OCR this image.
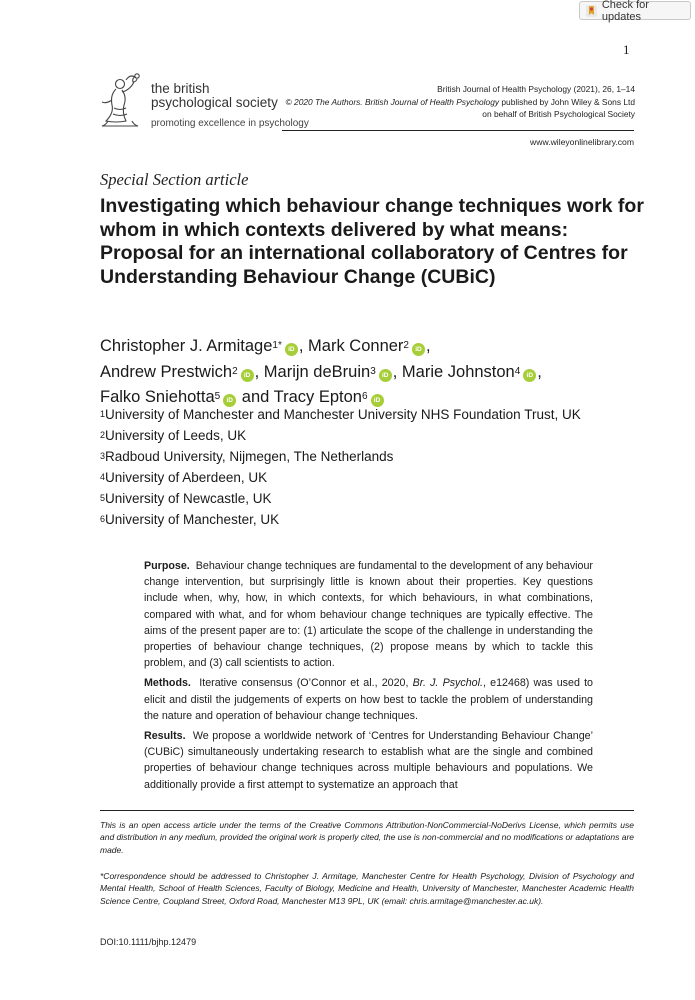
Check for updates
1
the british
psychological society
promoting excellence in psychology
British Journal of Health Psychology (2021), 26, 1–14
© 2020 The Authors. British Journal of Health Psychology published by John Wiley & Sons Ltd
on behalf of British Psychological Society
www.wileyonlinelibrary.com
Special Section article
Investigating which behaviour change techniques work for whom in which contexts delivered by what means: Proposal for an international collaboratory of Centres for Understanding Behaviour Change (CUBiC)
Christopher J. Armitage$^{1*}$ iD , Mark Conner$^2$ iD ,
Andrew Prestwich$^2$ iD , Marijn deBruin$^3$ iD , Marie Johnston$^4$ iD ,
Falko Sniehotta$^5$ iD and Tracy Epton$^6$ iD
$^1$University of Manchester and Manchester University NHS Foundation Trust, UK
$^2$University of Leeds, UK
$^3$Radboud University, Nijmegen, The Netherlands
$^4$University of Aberdeen, UK
$^5$University of Newcastle, UK
$^6$University of Manchester, UK

Purpose. Behaviour change techniques are fundamental to the development of any behaviour change intervention, but surprisingly little is known about their properties. Key questions include when, why, how, in which contexts, for which behaviours, in what combinations, compared with what, and for whom behaviour change techniques are typically effective. The aims of the present paper are to: (1) articulate the scope of the challenge in understanding the properties of behaviour change techniques, (2) propose means by which to tackle this problem, and (3) call scientists to action.

Methods. Iterative consensus (O’Connor et al., 2020, Br. J. Psychol., e12468) was used to elicit and distil the judgements of experts on how best to tackle the problem of understanding the nature and operation of behaviour change techniques.

Results. We propose a worldwide network of ‘Centres for Understanding Behaviour Change’ (CUBiC) simultaneously undertaking research to establish what are the single and combined properties of behaviour change techniques across multiple behaviours and populations. We additionally provide a first attempt to systematize an approach that

This is an open access article under the terms of the Creative Commons Attribution-NonCommercial-NoDerivs License, which permits use and distribution in any medium, provided the original work is properly cited, the use is non-commercial and no modifications or adaptations are made.
*Correspondence should be addressed to Christopher J. Armitage, Manchester Centre for Health Psychology, Division of Psychology and Mental Health, School of Health Sciences, Faculty of Biology, Medicine and Health, University of Manchester, Manchester Academic Health Science Centre, Coupland Street, Oxford Road, Manchester M13 9PL, UK (email: chris.armitage@manchester.ac.uk).
DOI:10.1111/bjhp.12479
